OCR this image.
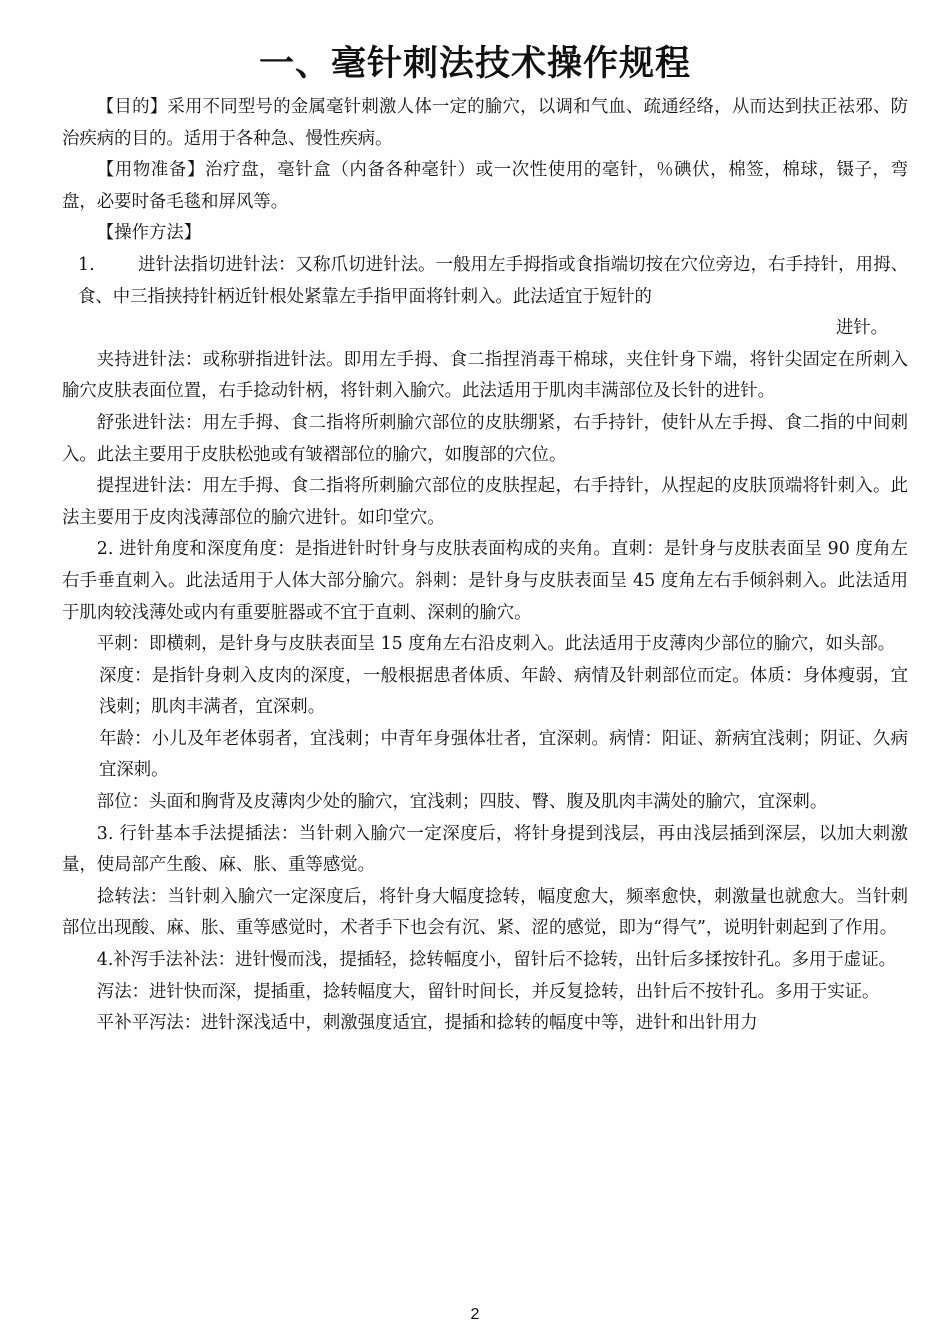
一、毫针刺法技术操作规程

【目的】采用不同型号的金属毫针刺激人体一定的腧穴，以调和气血、疏通经络，从而达到扶正祛邪、防治疾病的目的。适用于各种急、慢性疾病。

【用物准备】治疗盘，毫针盒（内备各种毫针）或一次性使用的毫针，％碘伏，棉签，棉球，镊子，弯盘，必要时备毛毯和屏风等。

【操作方法】

1. 进针法指切进针法：又称爪切进针法。一般用左手拇指或食指端切按在穴位旁边，右手持针，用拇、食、中三指挟持针柄近针根处紧靠左手指甲面将针刺入。此法适宜于短针的
进针。

夹持进针法：或称骈指进针法。即用左手拇、食二指捏消毒干棉球，夹住针身下端，将针尖固定在所刺入腧穴皮肤表面位置，右手捻动针柄，将针刺入腧穴。此法适用于肌肉丰满部位及长针的进针。

舒张进针法：用左手拇、食二指将所刺腧穴部位的皮肤绷紧，右手持针，使针从左手拇、食二指的中间刺入。此法主要用于皮肤松弛或有皱褶部位的腧穴，如腹部的穴位。

提捏进针法：用左手拇、食二指将所刺腧穴部位的皮肤捏起，右手持针，从捏起的皮肤顶端将针刺入。此法主要用于皮肉浅薄部位的腧穴进针。如印堂穴。

2. 进针角度和深度角度：是指进针时针身与皮肤表面构成的夹角。直刺：是针身与皮肤表面呈 90 度角左右手垂直刺入。此法适用于人体大部分腧穴。斜刺：是针身与皮肤表面呈 45 度角左右手倾斜刺入。此法适用于肌肉较浅薄处或内有重要脏器或不宜于直刺、深刺的腧穴。

平刺：即横刺，是针身与皮肤表面呈 15 度角左右沿皮刺入。此法适用于皮薄肉少部位的腧穴，如头部。

深度：是指针身刺入皮肉的深度，一般根据患者体质、年龄、病情及针刺部位而定。体质：身体瘦弱，宜浅刺；肌肉丰满者，宜深刺。

年龄：小儿及年老体弱者，宜浅刺；中青年身强体壮者，宜深刺。病情：阳证、新病宜浅刺；阴证、久病宜深刺。

部位：头面和胸背及皮薄肉少处的腧穴，宜浅刺；四肢、臀、腹及肌肉丰满处的腧穴，宜深刺。

3. 行针基本手法提插法：当针刺入腧穴一定深度后，将针身提到浅层，再由浅层插到深层，以加大刺激量，使局部产生酸、麻、胀、重等感觉。

捻转法：当针刺入腧穴一定深度后，将针身大幅度捻转，幅度愈大，频率愈快，刺激量也就愈大。当针刺部位出现酸、麻、胀、重等感觉时，术者手下也会有沉、紧、涩的感觉，即为“得气”，说明针刺起到了作用。

4.补泻手法补法：进针慢而浅，提插轻，捻转幅度小，留针后不捻转，出针后多揉按针孔。多用于虚证。

泻法：进针快而深，提插重，捻转幅度大，留针时间长，并反复捻转，出针后不按针孔。多用于实证。

平补平泻法：进针深浅适中，刺激强度适宜，提插和捻转的幅度中等，进针和出针用力

2
